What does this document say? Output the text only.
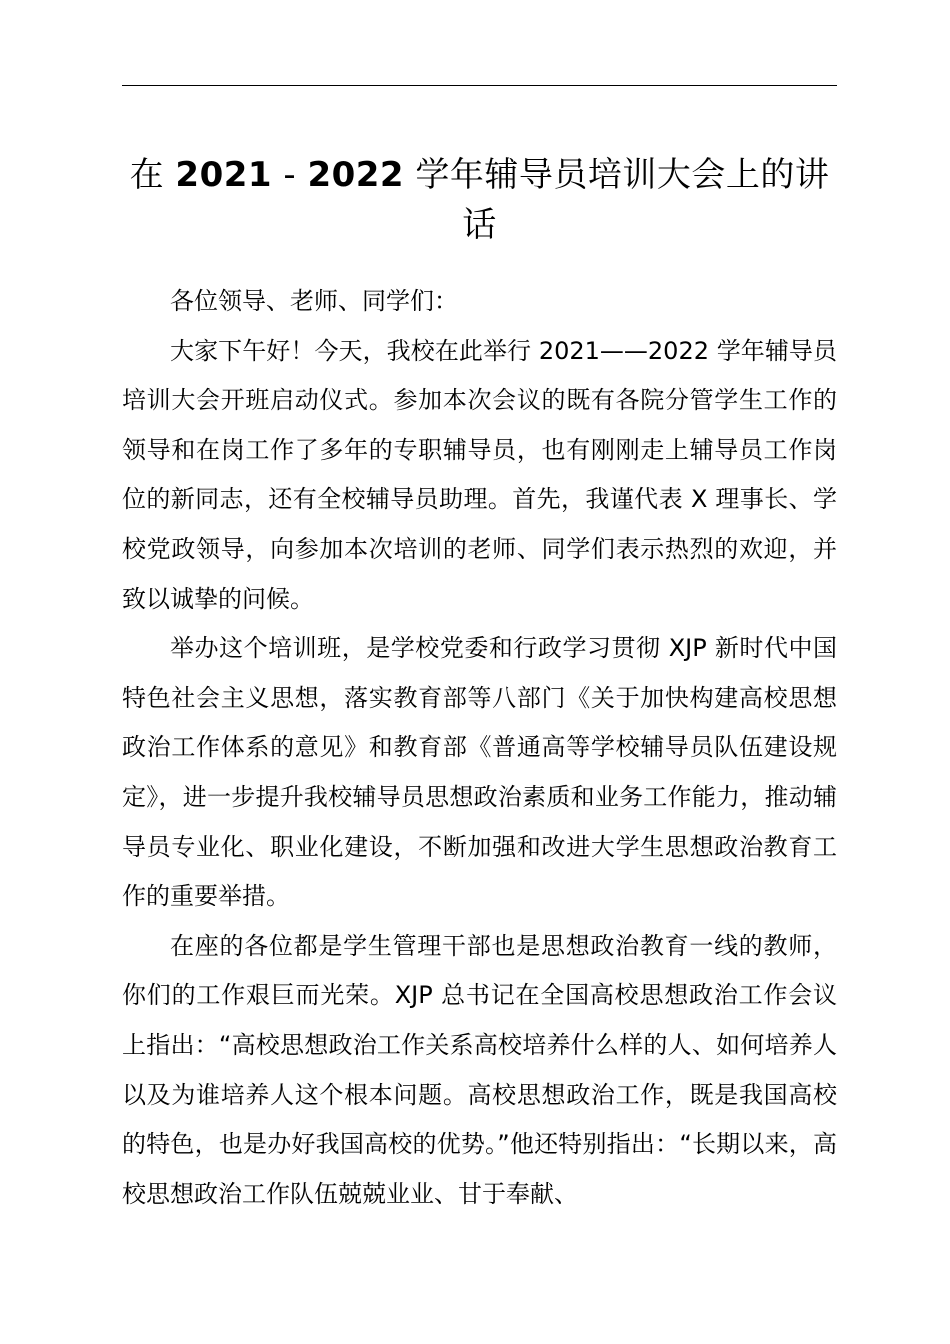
在 2021 - 2022 学年辅导员培训大会上的讲话

各位领导、老师、同学们：

大家下午好！今天，我校在此举行 2021——2022 学年辅导员培训大会开班启动仪式。参加本次会议的既有各院分管学生工作的领导和在岗工作了多年的专职辅导员，也有刚刚走上辅导员工作岗位的新同志，还有全校辅导员助理。首先，我谨代表 X 理事长、学校党政领导，向参加本次培训的老师、同学们表示热烈的欢迎，并致以诚挚的问候。

举办这个培训班，是学校党委和行政学习贯彻 XJP 新时代中国特色社会主义思想，落实教育部等八部门《关于加快构建高校思想政治工作体系的意见》和教育部《普通高等学校辅导员队伍建设规定》，进一步提升我校辅导员思想政治素质和业务工作能力，推动辅导员专业化、职业化建设，不断加强和改进大学生思想政治教育工作的重要举措。

在座的各位都是学生管理干部也是思想政治教育一线的教师，你们的工作艰巨而光荣。XJP 总书记在全国高校思想政治工作会议上指出：“高校思想政治工作关系高校培养什么样的人、如何培养人以及为谁培养人这个根本问题。高校思想政治工作，既是我国高校的特色，也是办好我国高校的优势。”他还特别指出：“长期以来，高校思想政治工作队伍兢兢业业、甘于奉献、
